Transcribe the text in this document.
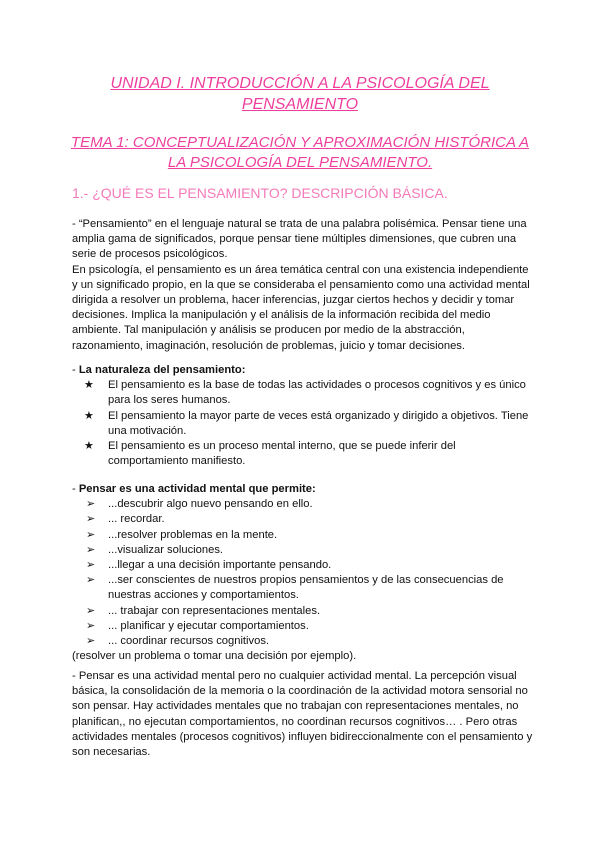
UNIDAD I. INTRODUCCIÓN A LA PSICOLOGÍA DEL PENSAMIENTO
TEMA 1: CONCEPTUALIZACIÓN Y APROXIMACIÓN HISTÓRICA A LA PSICOLOGÍA DEL PENSAMIENTO.
1.- ¿QUÉ ES EL PENSAMIENTO? DESCRIPCIÓN BÁSICA.

- “Pensamiento” en el lenguaje natural se trata de una palabra polisémica. Pensar tiene una amplia gama de significados, porque pensar tiene múltiples dimensiones, que cubren una serie de procesos psicológicos.

En psicología, el pensamiento es un área temática central con una existencia independiente y un significado propio, en la que se consideraba el pensamiento como una actividad mental dirigida a resolver un problema, hacer inferencias, juzgar ciertos hechos y decidir y tomar decisiones. Implica la manipulación y el análisis de la información recibida del medio ambiente. Tal manipulación y análisis se producen por medio de la abstracción, razonamiento, imaginación, resolución de problemas, juicio y tomar decisiones.

- La naturaleza del pensamiento:

★ El pensamiento es la base de todas las actividades o procesos cognitivos y es único para los seres humanos.
★ El pensamiento la mayor parte de veces está organizado y dirigido a objetivos. Tiene una motivación.
★ El pensamiento es un proceso mental interno, que se puede inferir del comportamiento manifiesto.

- Pensar es una actividad mental que permite:

➢ ...descubrir algo nuevo pensando en ello.
➢ ... recordar.
➢ ...resolver problemas en la mente.
➢ ...visualizar soluciones.
➢ ...llegar a una decisión importante pensando.
➢ ...ser conscientes de nuestros propios pensamientos y de las consecuencias de nuestras acciones y comportamientos.
➢ ... trabajar con representaciones mentales.
➢ ... planificar y ejecutar comportamientos.
➢ ... coordinar recursos cognitivos.

(resolver un problema o tomar una decisión por ejemplo).

- Pensar es una actividad mental pero no cualquier actividad mental. La percepción visual básica, la consolidación de la memoria o la coordinación de la actividad motora sensorial no son pensar. Hay actividades mentales que no trabajan con representaciones mentales, no planifican,, no ejecutan comportamientos, no coordinan recursos cognitivos… . Pero otras actividades mentales (procesos cognitivos) influyen bidireccionalmente con el pensamiento y son necesarias.
